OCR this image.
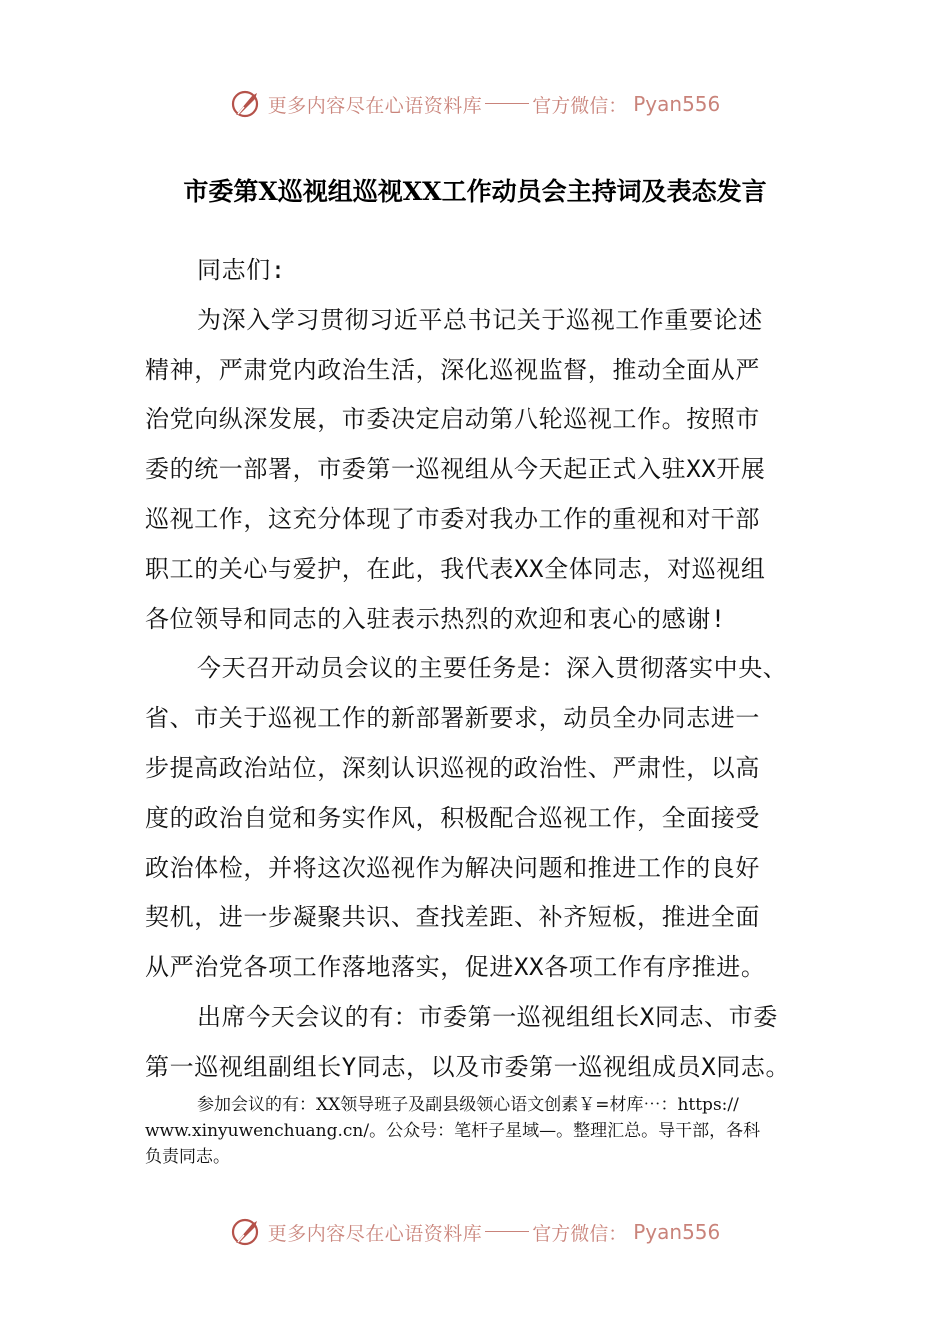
更多内容尽在心语资料库	官方微信： Pyan556
市委第X巡视组巡视XX工作动员会主持词及表态发言
同志们:
为深入学习贯彻习近平总书记关于巡视工作重要论述
精神，严肃党内政治生活，深化巡视监督，推动全面从严
治党向纵深发展，市委决定启动第八轮巡视工作。按照市
委的统一部署，市委第一巡视组从今天起正式入驻XX开展
巡视工作，这充分体现了市委对我办工作的重视和对干部
职工的关心与爱护，在此，我代表XX全体同志，对巡视组
各位领导和同志的入驻表示热烈的欢迎和衷心的感谢!
今天召开动员会议的主要任务是：深入贯彻落实中央、
省、市关于巡视工作的新部署新要求，动员全办同志进一
步提高政治站位，深刻认识巡视的政治性、严肃性，以高
度的政治自觉和务实作风，积极配合巡视工作，全面接受
政治体检，并将这次巡视作为解决问题和推进工作的良好
契机，进一步凝聚共识、查找差距、补齐短板，推进全面
从严治党各项工作落地落实，促进XX各项工作有序推进。
出席今天会议的有：市委第一巡视组组长X同志、市委
第一巡视组副组长Y同志，以及市委第一巡视组成员X同志。
参加会议的有：XX领导班子及副县级领心语文创素￥=材库⋯：https://
www.xinyuwenchuang.cn/。公众号：笔杆子星域—。整理汇总。导干部，各科
负责同志。
更多内容尽在心语资料库	官方微信： Pyan556
